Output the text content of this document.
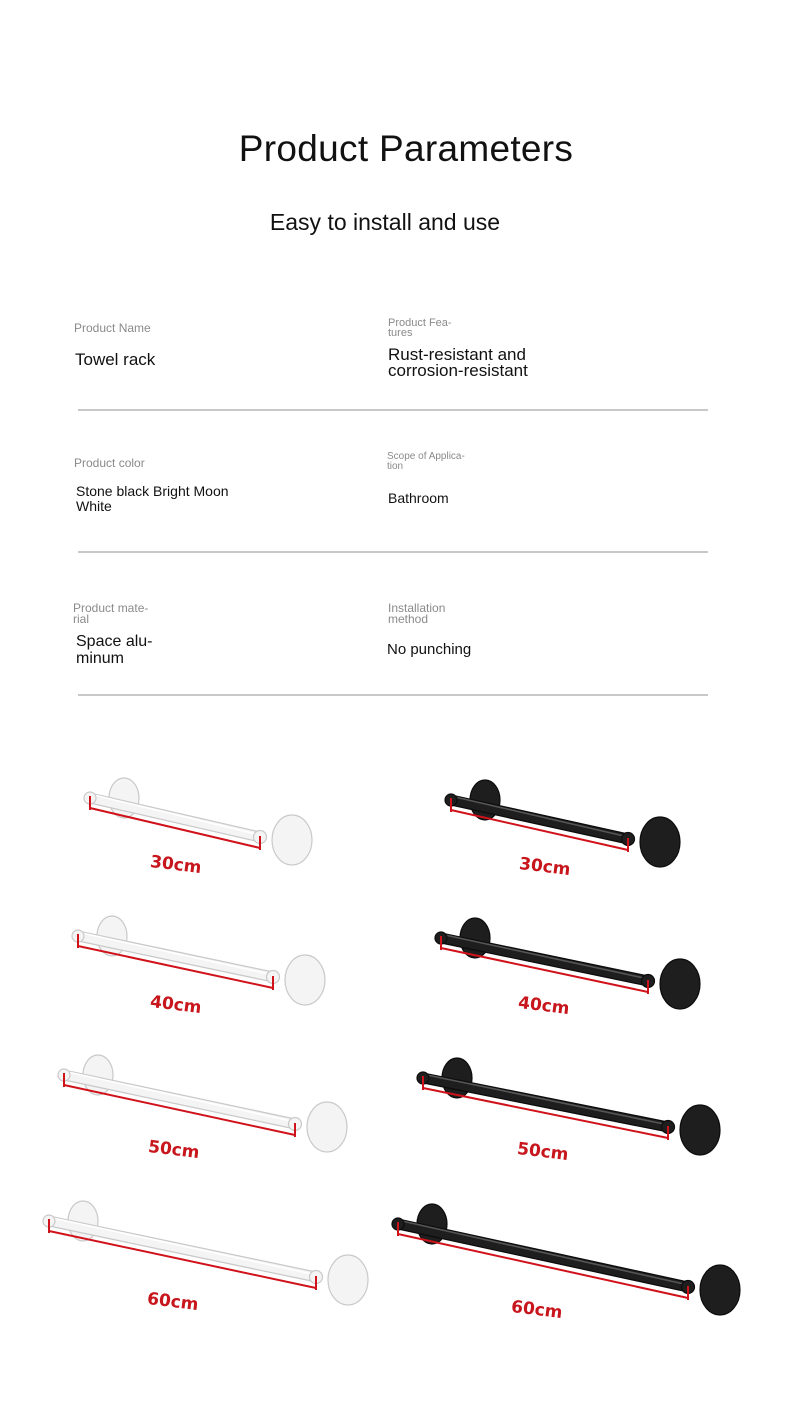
Product Parameters
Easy to install and use
Product Name
Towel rack
Product Fea-
tures
Rust-resistant and
corrosion-resistant
Product color
Stone black Bright Moon
White
Scope of Applica-
tion
Bathroom
Product mate-
rial
Space alu-
minum
Installation
method
No punching
30cm
40cm
50cm
60cm
30cm
40cm
50cm
60cm
